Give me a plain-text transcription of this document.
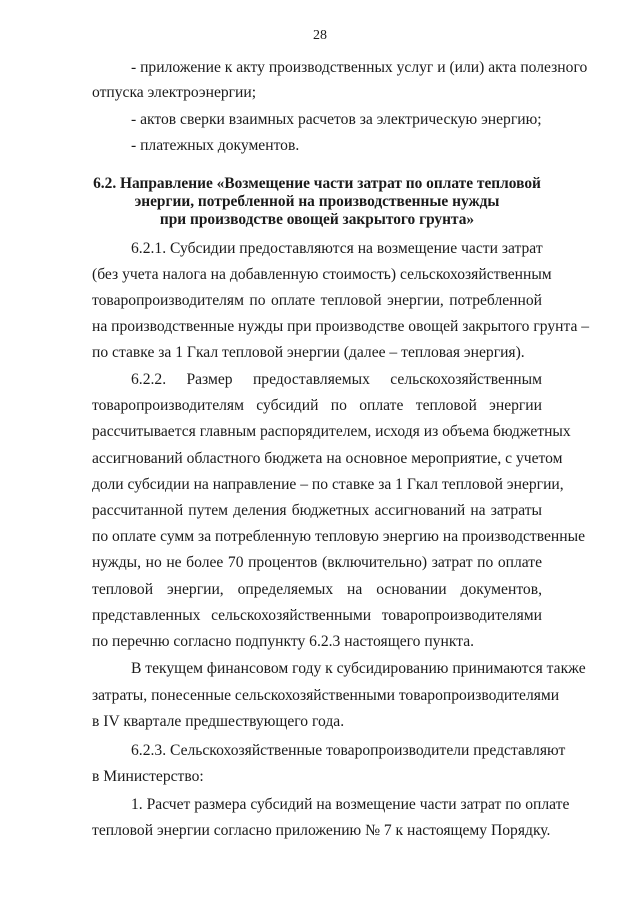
28
- приложение к акту производственных услуг и (или) акта полезного
отпуска электроэнергии;
- актов сверки взаимных расчетов за электрическую энергию;
- платежных документов.
6.2. Направление «Возмещение части затрат по оплате тепловой
энергии, потребленной на производственные нужды
при производстве овощей закрытого грунта»
6.2.1. Субсидии предоставляются на возмещение части затрат
(без учета налога на добавленную стоимость) сельскохозяйственным
товаропроизводителям по оплате тепловой энергии, потребленной
на производственные нужды при производстве овощей закрытого грунта –
по ставке за 1 Гкал тепловой энергии (далее – тепловая энергия).
6.2.2. Размер предоставляемых сельскохозяйственным
товаропроизводителям субсидий по оплате тепловой энергии
рассчитывается главным распорядителем, исходя из объема бюджетных
ассигнований областного бюджета на основное мероприятие, с учетом
доли субсидии на направление – по ставке за 1 Гкал тепловой энергии,
рассчитанной путем деления бюджетных ассигнований на затраты
по оплате сумм за потребленную тепловую энергию на производственные
нужды, но не более 70 процентов (включительно) затрат по оплате
тепловой энергии, определяемых на основании документов,
представленных сельскохозяйственными товаропроизводителями
по перечню согласно подпункту 6.2.3 настоящего пункта.
В текущем финансовом году к субсидированию принимаются также
затраты, понесенные сельскохозяйственными товаропроизводителями
в IV квартале предшествующего года.
6.2.3. Сельскохозяйственные товаропроизводители представляют
в Министерство:
1. Расчет размера субсидий на возмещение части затрат по оплате
тепловой энергии согласно приложению № 7 к настоящему Порядку.
